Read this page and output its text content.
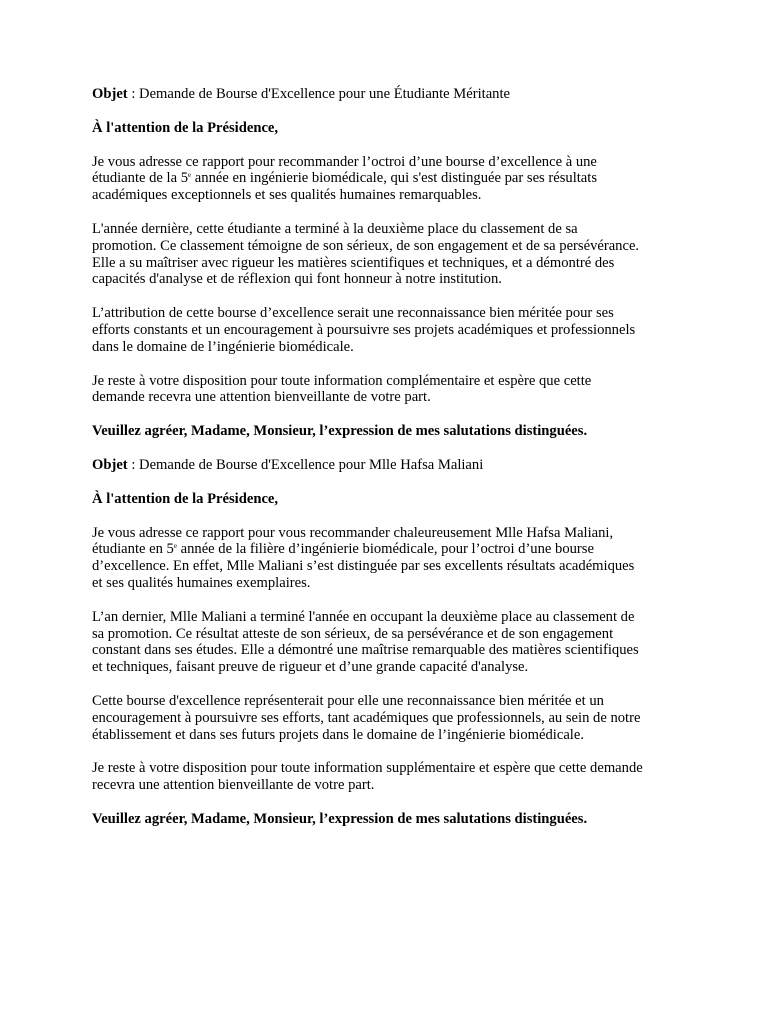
Objet : Demande de Bourse d'Excellence pour une Étudiante Méritante

À l'attention de la Présidence,

Je vous adresse ce rapport pour recommander l’octroi d’une bourse d’excellence à une
étudiante de la 5e année en ingénierie biomédicale, qui s'est distinguée par ses résultats
académiques exceptionnels et ses qualités humaines remarquables.

L'année dernière, cette étudiante a terminé à la deuxième place du classement de sa
promotion. Ce classement témoigne de son sérieux, de son engagement et de sa persévérance.
Elle a su maîtriser avec rigueur les matières scientifiques et techniques, et a démontré des
capacités d'analyse et de réflexion qui font honneur à notre institution.

L’attribution de cette bourse d’excellence serait une reconnaissance bien méritée pour ses
efforts constants et un encouragement à poursuivre ses projets académiques et professionnels
dans le domaine de l’ingénierie biomédicale.

Je reste à votre disposition pour toute information complémentaire et espère que cette
demande recevra une attention bienveillante de votre part.

Veuillez agréer, Madame, Monsieur, l’expression de mes salutations distinguées.

Objet : Demande de Bourse d'Excellence pour Mlle Hafsa Maliani

À l'attention de la Présidence,

Je vous adresse ce rapport pour vous recommander chaleureusement Mlle Hafsa Maliani,
étudiante en 5e année de la filière d’ingénierie biomédicale, pour l’octroi d’une bourse
d’excellence. En effet, Mlle Maliani s’est distinguée par ses excellents résultats académiques
et ses qualités humaines exemplaires.

L’an dernier, Mlle Maliani a terminé l'année en occupant la deuxième place au classement de
sa promotion. Ce résultat atteste de son sérieux, de sa persévérance et de son engagement
constant dans ses études. Elle a démontré une maîtrise remarquable des matières scientifiques
et techniques, faisant preuve de rigueur et d’une grande capacité d'analyse.

Cette bourse d'excellence représenterait pour elle une reconnaissance bien méritée et un
encouragement à poursuivre ses efforts, tant académiques que professionnels, au sein de notre
établissement et dans ses futurs projets dans le domaine de l’ingénierie biomédicale.

Je reste à votre disposition pour toute information supplémentaire et espère que cette demande
recevra une attention bienveillante de votre part.

Veuillez agréer, Madame, Monsieur, l’expression de mes salutations distinguées.
